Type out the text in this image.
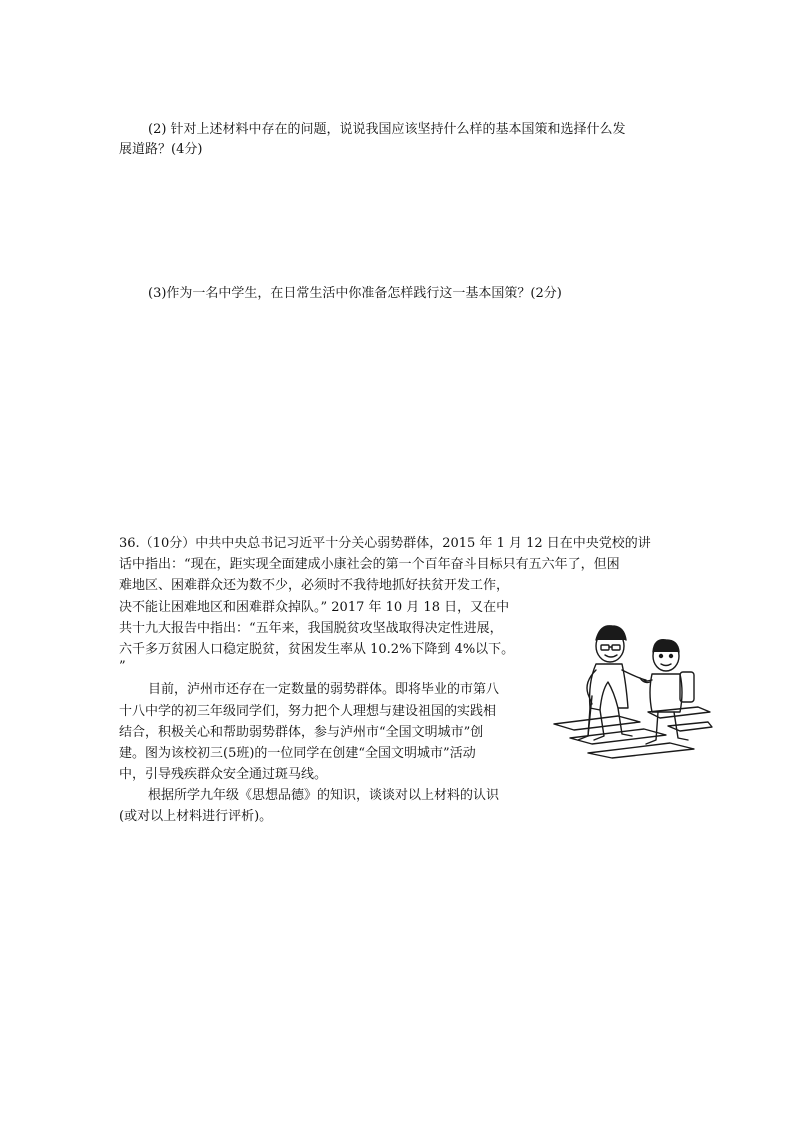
(2) 针对上述材料中存在的问题，说说我国应该坚持什么样的基本国策和选择什么发
展道路？(4分)
(3)作为一名中学生，在日常生活中你准备怎样践行这一基本国策？(2分)
36.（10分）中共中央总书记习近平十分关心弱势群体，2015 年 1 月 12 日在中央党校的讲
话中指出：“现在，距实现全面建成小康社会的第一个百年奋斗目标只有五六年了，但困
难地区、困难群众还为数不少，必须时不我待地抓好扶贫开发工作，
决不能让困难地区和困难群众掉队。” 2017 年 10 月 18 日，又在中
共十九大报告中指出：“五年来，我国脱贫攻坚战取得决定性进展，
六千多万贫困人口稳定脱贫，贫困发生率从 10.2%下降到 4%以下。
”
目前，泸州市还存在一定数量的弱势群体。即将毕业的市第八
十八中学的初三年级同学们，努力把个人理想与建设祖国的实践相
结合，积极关心和帮助弱势群体，参与泸州市“全国文明城市”创
建。图为该校初三(5班)的一位同学在创建“全国文明城市”活动
中，引导残疾群众安全通过斑马线。
根据所学九年级《思想品德》的知识，谈谈对以上材料的认识
(或对以上材料进行评析)。
